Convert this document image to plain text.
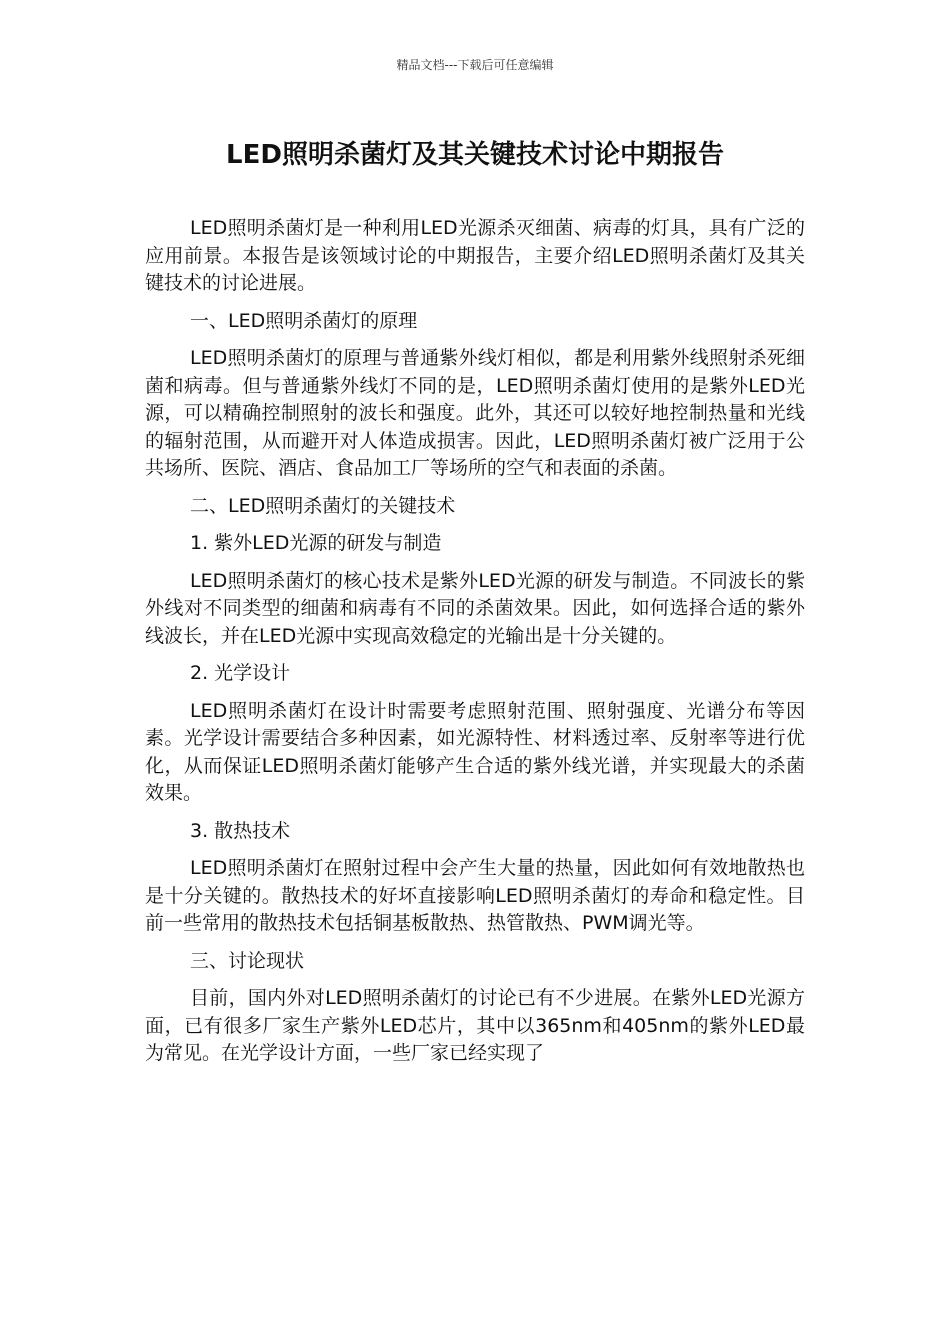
精品文档---下载后可任意编辑
LED照明杀菌灯及其关键技术讨论中期报告

LED照明杀菌灯是一种利用LED光源杀灭细菌、病毒的灯具，具有广泛的应用前景。本报告是该领域讨论的中期报告，主要介绍LED照明杀菌灯及其关键技术的讨论进展。

一、LED照明杀菌灯的原理

LED照明杀菌灯的原理与普通紫外线灯相似，都是利用紫外线照射杀死细菌和病毒。但与普通紫外线灯不同的是，LED照明杀菌灯使用的是紫外LED光源，可以精确控制照射的波长和强度。此外，其还可以较好地控制热量和光线的辐射范围，从而避开对人体造成损害。因此，LED照明杀菌灯被广泛用于公共场所、医院、酒店、食品加工厂等场所的空气和表面的杀菌。

二、LED照明杀菌灯的关键技术

1. 紫外LED光源的研发与制造

LED照明杀菌灯的核心技术是紫外LED光源的研发与制造。不同波长的紫外线对不同类型的细菌和病毒有不同的杀菌效果。因此，如何选择合适的紫外线波长，并在LED光源中实现高效稳定的光输出是十分关键的。

2. 光学设计

LED照明杀菌灯在设计时需要考虑照射范围、照射强度、光谱分布等因素。光学设计需要结合多种因素，如光源特性、材料透过率、反射率等进行优化，从而保证LED照明杀菌灯能够产生合适的紫外线光谱，并实现最大的杀菌效果。

3. 散热技术

LED照明杀菌灯在照射过程中会产生大量的热量，因此如何有效地散热也是十分关键的。散热技术的好坏直接影响LED照明杀菌灯的寿命和稳定性。目前一些常用的散热技术包括铜基板散热、热管散热、PWM调光等。

三、讨论现状

目前，国内外对LED照明杀菌灯的讨论已有不少进展。在紫外LED光源方面，已有很多厂家生产紫外LED芯片，其中以365nm和405nm的紫外LED最为常见。在光学设计方面，一些厂家已经实现了
